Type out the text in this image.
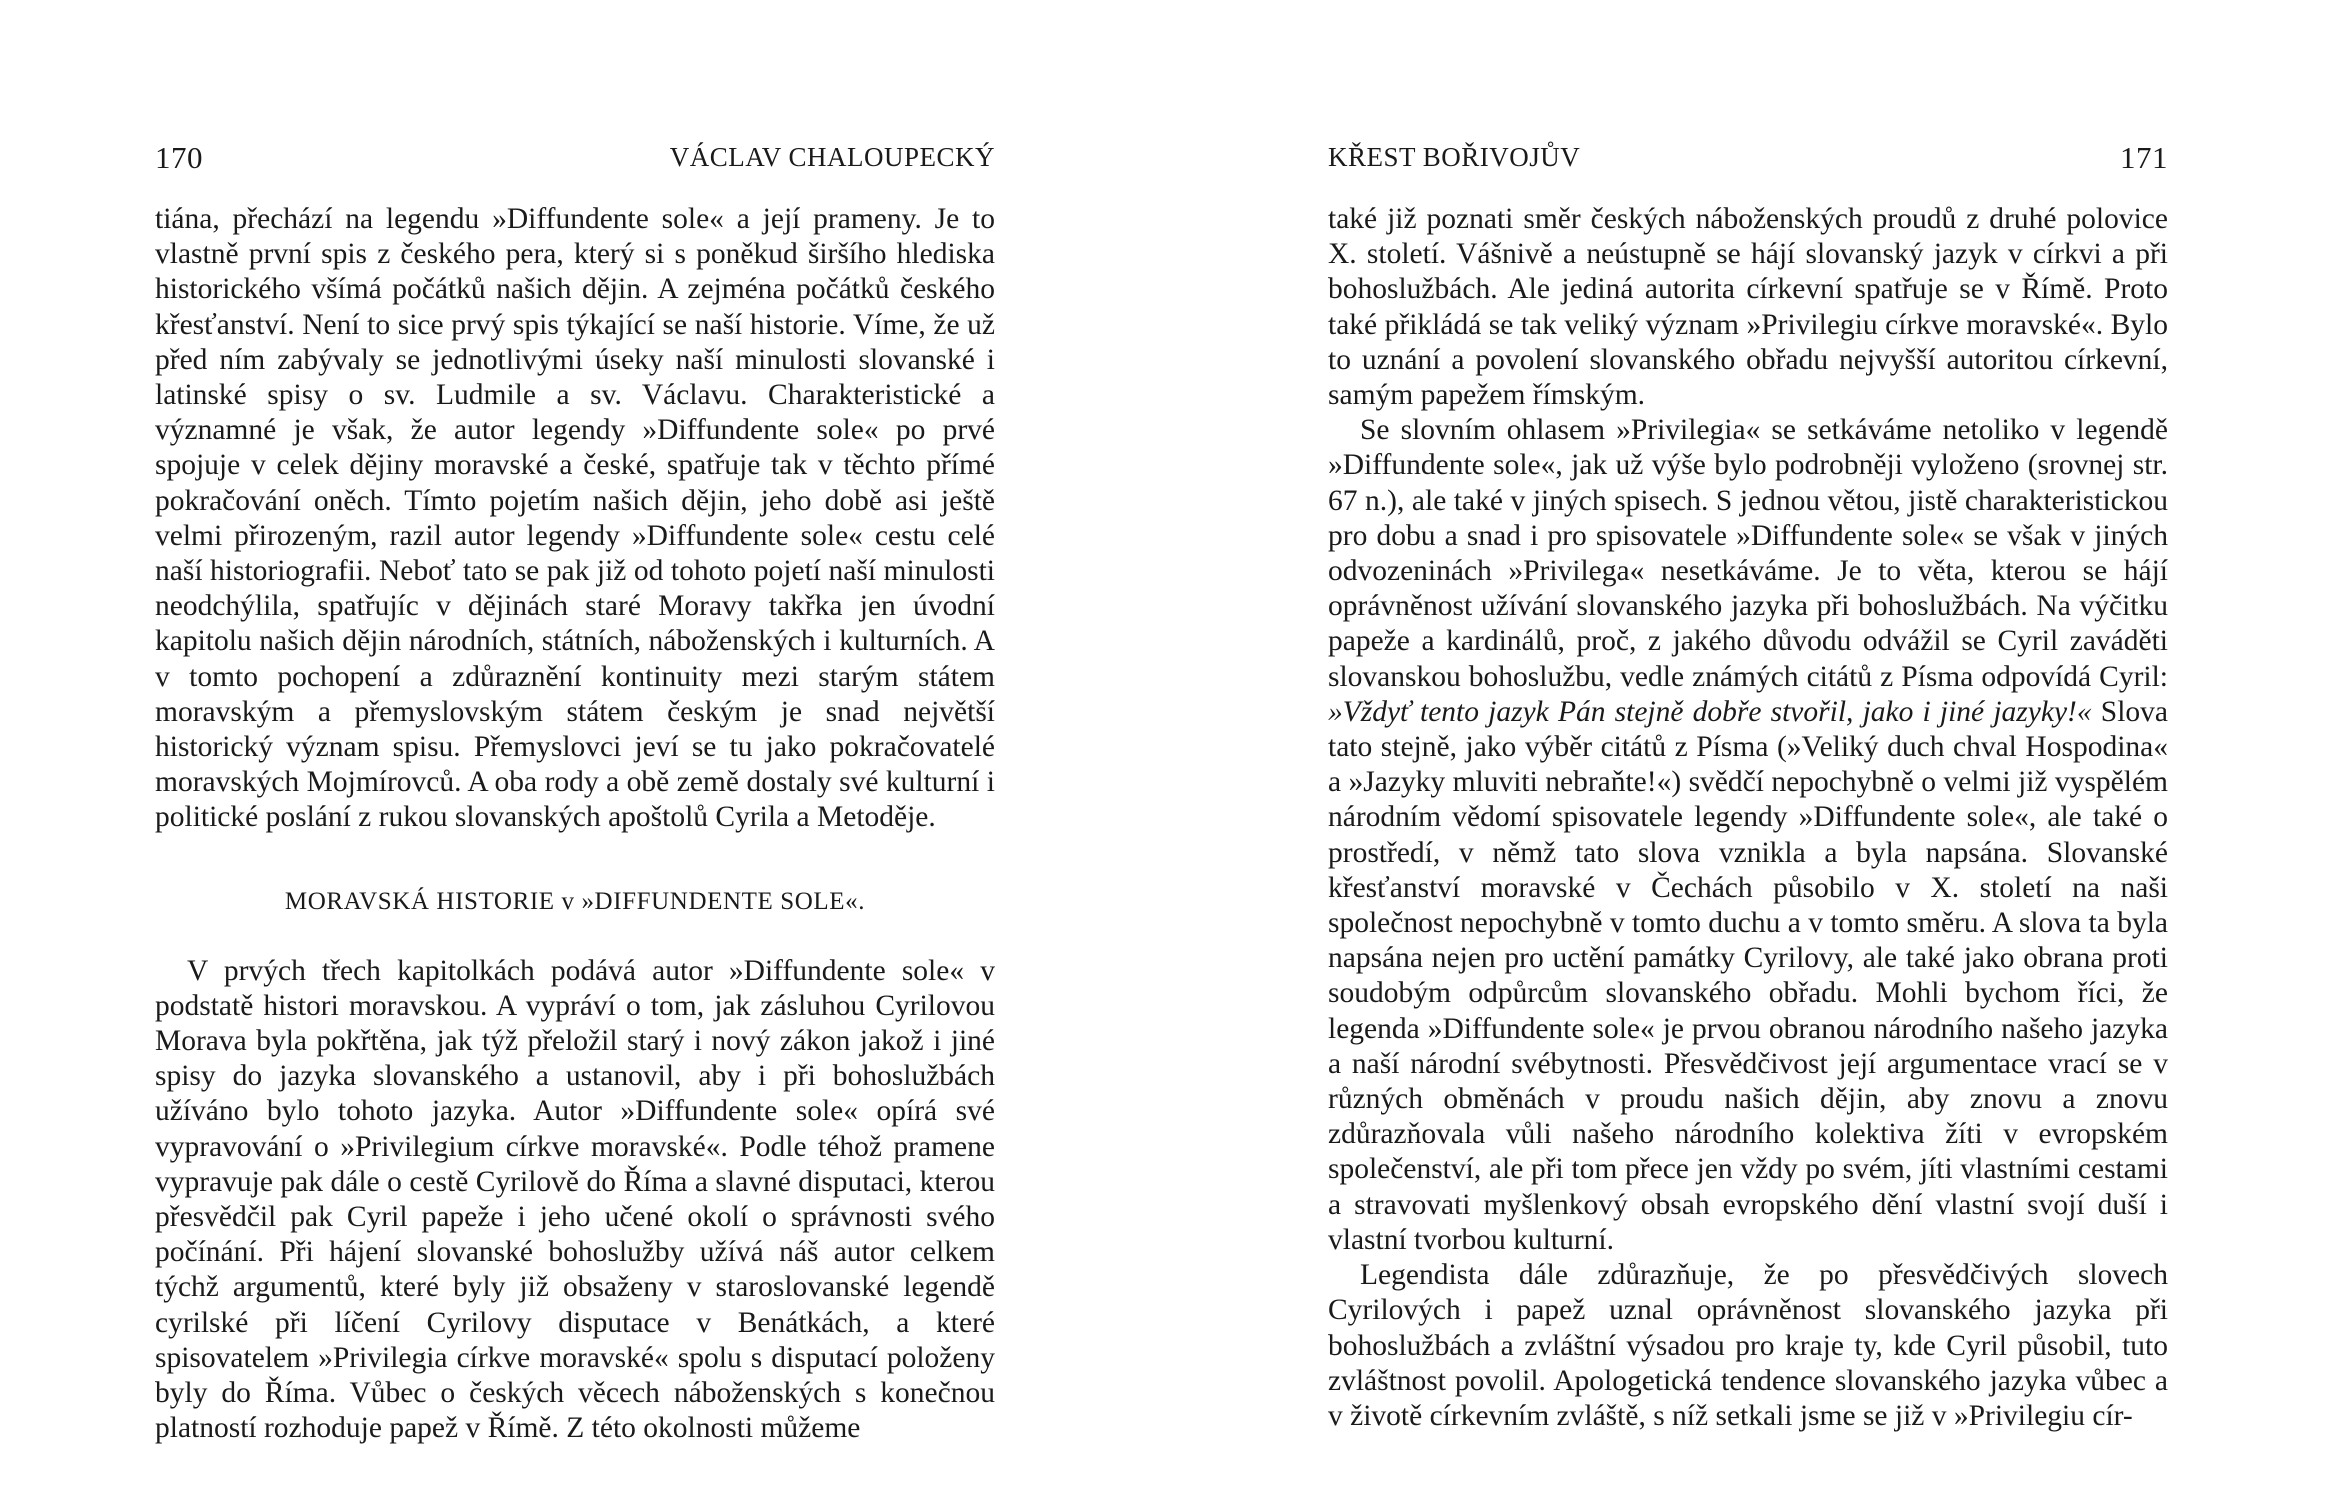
170	VÁCLAV CHALOUPECKÝ

tiána, přechází na legendu »Diffundente sole« a její prameny. Je to vlastně první spis z českého pera, který si s poněkud širšího hlediska historického všímá počátků našich dějin. A zejména počátků českého křesťanství. Není to sice prvý spis týkající se naší historie. Víme, že už před ním zabývaly se jednotlivými úseky naší minulosti slovanské i latinské spisy o sv. Ludmile a sv. Václavu. Charakteristické a významné je však, že autor legendy »Diffundente sole« po prvé spojuje v celek dějiny moravské a české, spatřuje tak v těchto přímé pokračování oněch. Tímto pojetím našich dějin, jeho době asi ještě velmi přirozeným, razil autor legendy »Diffundente sole« cestu celé naší historiografii. Neboť tato se pak již od tohoto pojetí naší minulosti neodchýlila, spatřujíc v dějinách staré Moravy takřka jen úvodní kapitolu našich dějin národních, státních, náboženských i kulturních. A v tomto pochopení a zdůraznění kontinuity mezi starým státem moravským a přemyslovským státem českým je snad největší historický význam spisu. Přemyslovci jeví se tu jako pokračovatelé moravských Mojmírovců. A oba rody a obě země dostaly své kulturní i politické poslání z rukou slovanských apoštolů Cyrila a Metoděje.

MORAVSKÁ HISTORIE v »DIFFUNDENTE SOLE«.

V prvých třech kapitolkách podává autor »Diffundente sole« v podstatě histori moravskou. A vypráví o tom, jak zásluhou Cyrilovou Morava byla pokřtěna, jak týž přeložil starý i nový zákon jakož i jiné spisy do jazyka slovanského a ustanovil, aby i při bohoslužbách užíváno bylo tohoto jazyka. Autor »Diffundente sole« opírá své vypravování o »Privilegium církve moravské«. Podle téhož pramene vypravuje pak dále o cestě Cyrilově do Říma a slavné disputaci, kterou přesvědčil pak Cyril papeže i jeho učené okolí o správnosti svého počínání. Při hájení slovanské bohoslužby užívá náš autor celkem týchž argumentů, které byly již obsaženy v staroslovanské legendě cyrilské při líčení Cyrilovy disputace v Benátkách, a které spisovatelem »Privilegia církve moravské« spolu s disputací položeny byly do Říma. Vůbec o českých věcech náboženských s konečnou platností rozhoduje papež v Římě. Z této okolnosti můžeme

KŘEST BOŘIVOJŮV	171

také již poznati směr českých náboženských proudů z druhé polovice X. století. Vášnivě a neústupně se hájí slovanský jazyk v církvi a při bohoslužbách. Ale jediná autorita církevní spatřuje se v Římě. Proto také přikládá se tak veliký význam »Privilegiu církve moravské«. Bylo to uznání a povolení slovanského obřadu nejvyšší autoritou církevní, samým papežem římským.

Se slovním ohlasem »Privilegia« se setkáváme netoliko v legendě »Diffundente sole«, jak už výše bylo podrobněji vyloženo (srovnej str. 67 n.), ale také v jiných spisech. S jednou větou, jistě charakteristickou pro dobu a snad i pro spisovatele »Diffundente sole« se však v jiných odvozeninách »Privilega« nesetkáváme. Je to věta, kterou se hájí oprávněnost užívání slovanského jazyka při bohoslužbách. Na výčitku papeže a kardinálů, proč, z jakého důvodu odvážil se Cyril zaváděti slovanskou bohoslužbu, vedle známých citátů z Písma odpovídá Cyril: »Vždyť tento jazyk Pán stejně dobře stvořil, jako i jiné jazyky!« Slova tato stejně, jako výběr citátů z Písma (»Veliký duch chval Hospodina« a »Jazyky mluviti nebraňte!«) svědčí nepochybně o velmi již vyspělém národním vědomí spisovatele legendy »Diffundente sole«, ale také o prostředí, v němž tato slova vznikla a byla napsána. Slovanské křesťanství moravské v Čechách působilo v X. století na naši společnost nepochybně v tomto duchu a v tomto směru. A slova ta byla napsána nejen pro uctění památky Cyrilovy, ale také jako obrana proti soudobým odpůrcům slovanského obřadu. Mohli bychom říci, že legenda »Diffundente sole« je prvou obranou národního našeho jazyka a naší národní svébytnosti. Přesvědčivost její argumentace vrací se v různých obměnách v proudu našich dějin, aby znovu a znovu zdůrazňovala vůli našeho národního kolektiva žíti v evropském společenství, ale při tom přece jen vždy po svém, jíti vlastními cestami a stravovati myšlenkový obsah evropského dění vlastní svojí duší i vlastní tvorbou kulturní.

Legendista dále zdůrazňuje, že po přesvědčivých slovech Cyrilových i papež uznal oprávněnost slovanského jazyka při bohoslužbách a zvláštní výsadou pro kraje ty, kde Cyril působil, tuto zvláštnost povolil. Apologetická tendence slovanského jazyka vůbec a v životě církevním zvláště, s níž setkali jsme se již v »Privilegiu cír-
